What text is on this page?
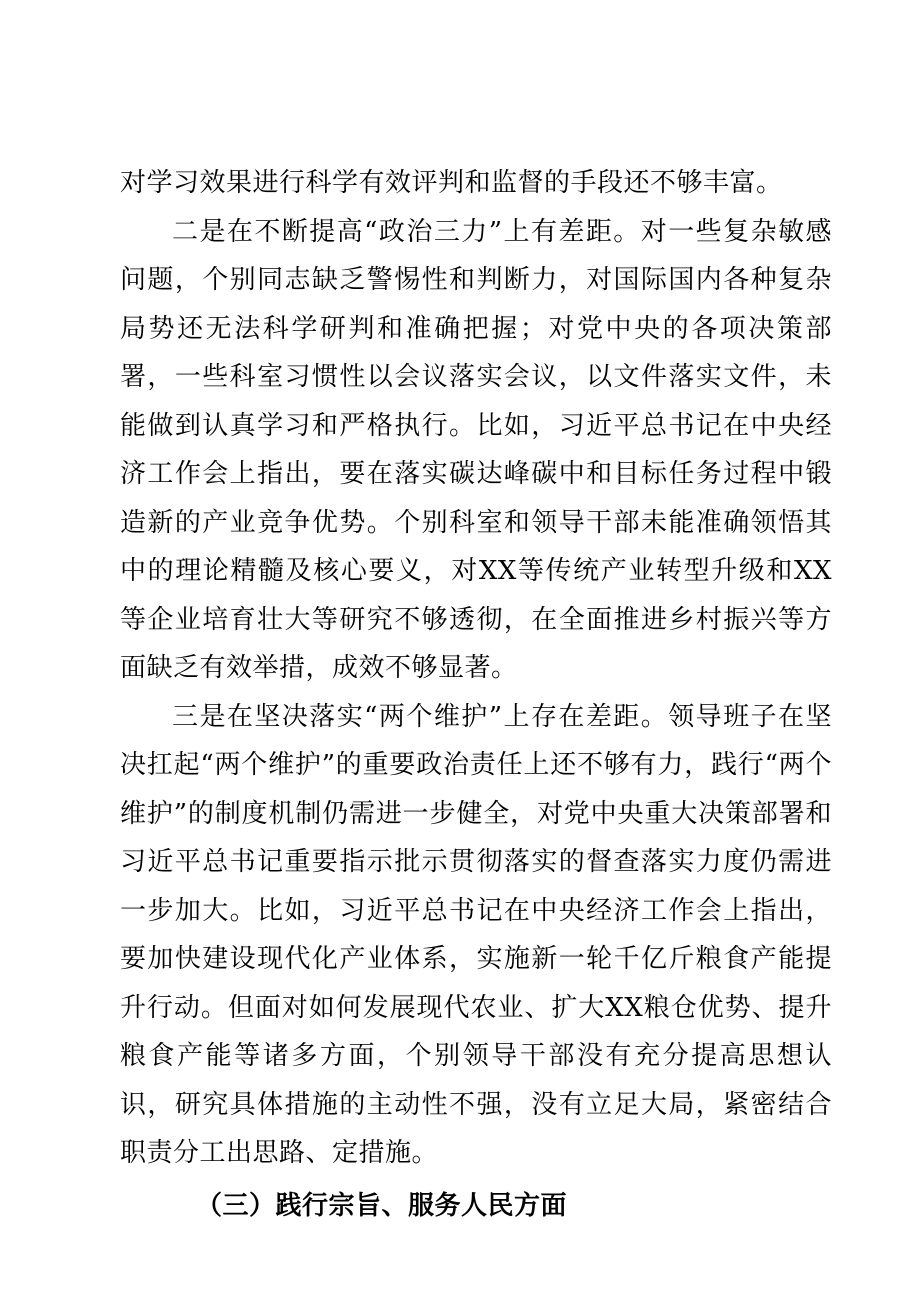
对学习效果进行科学有效评判和监督的手段还不够丰富。

二是在不断提高“政治三力”上有差距。对一些复杂敏感问题，个别同志缺乏警惕性和判断力，对国际国内各种复杂局势还无法科学研判和准确把握；对党中央的各项决策部署，一些科室习惯性以会议落实会议，以文件落实文件，未能做到认真学习和严格执行。比如，习近平总书记在中央经济工作会上指出，要在落实碳达峰碳中和目标任务过程中锻造新的产业竞争优势。个别科室和领导干部未能准确领悟其中的理论精髓及核心要义，对XX等传统产业转型升级和XX等企业培育壮大等研究不够透彻，在全面推进乡村振兴等方面缺乏有效举措，成效不够显著。

三是在坚决落实“两个维护”上存在差距。领导班子在坚决扛起“两个维护”的重要政治责任上还不够有力，践行“两个维护”的制度机制仍需进一步健全，对党中央重大决策部署和习近平总书记重要指示批示贯彻落实的督查落实力度仍需进一步加大。比如，习近平总书记在中央经济工作会上指出，要加快建设现代化产业体系，实施新一轮千亿斤粮食产能提升行动。但面对如何发展现代农业、扩大XX粮仓优势、提升粮食产能等诸多方面，个别领导干部没有充分提高思想认识，研究具体措施的主动性不强，没有立足大局，紧密结合职责分工出思路、定措施。

（三）践行宗旨、服务人民方面
